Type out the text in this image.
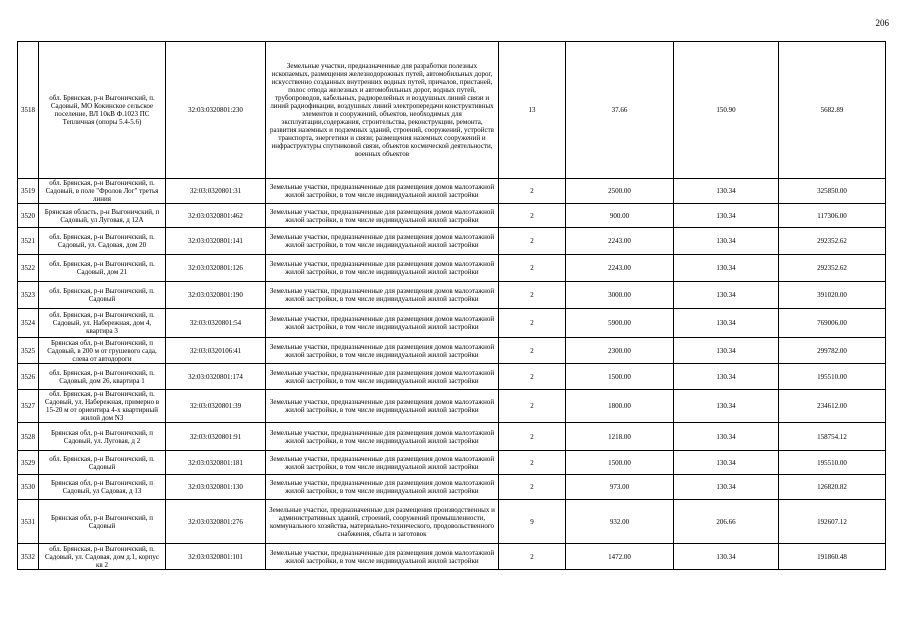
206
3518	обл. Брянская, р-н Выгоничский, п. Садовый, МО Кокинское сельское поселение, ВЛ 10кВ Ф.1023 ПС Тепличная (опоры 5.4-5.6)	32:03:0320801:230	Земельные участки, предназначенные для разработки полезных ископаемых, размещения железнодорожных путей, автомобильных дорог, искусственно созданных внутренних водных путей, причалов, пристаней, полос отвода железных и автомобильных дорог, водных путей, трубопроводов, кабельных, радиорелейных и воздушных линий связи и линий радиофикации, воздушных линий электропередачи конструктивных элементов и сооружений, объектов, необходимых для эксплуатации,содержания, строительства, реконструкции, ремонта, развития наземных и подземных зданий, строений, сооружений, устройств транспорта, энергетики и связи; размещения наземных сооружений и инфраструктуры спутниковой связи, объектов космической деятельности, военных объектов	13	37.66	150.90	5682.89
3519	обл. Брянская, р-н Выгоничский, п. Садовый, в поле "Фролов Лог" третья линия	32:03:0320801:31	Земельные участки, предназначенные для размещения домов малоэтажной жилой застройки, в том числе индивидуальной жилой застройки	2	2500.00	130.34	325850.00
3520	Брянская область, р-н Выгоничский, п Садовый, ул Луговая, д 12А	32:03:0320801:462	Земельные участки, предназначенные для размещения домов малоэтажной жилой застройки, в том числе индивидуальной жилой застройки	2	900.00	130.34	117306.00
3521	обл. Брянская, р-н Выгоничский, п. Садовый, ул. Садовая, дом 20	32:03:0320801:141	Земельные участки, предназначенные для размещения домов малоэтажной жилой застройки, в том числе индивидуальной жилой застройки	2	2243.00	130.34	292352.62
3522	обл. Брянская, р-н Выгоничский, п. Садовый, дом 21	32:03:0320801:126	Земельные участки, предназначенные для размещения домов малоэтажной жилой застройки, в том числе индивидуальной жилой застройки	2	2243.00	130.34	292352.62
3523	обл. Брянская, р-н Выгоничский, п. Садовый	32:03:0320801:190	Земельные участки, предназначенные для размещения домов малоэтажной жилой застройки, в том числе индивидуальной жилой застройки	2	3000.00	130.34	391020.00
3524	обл. Брянская, р-н Выгоничский, п. Садовый, ул. Набережная, дом 4, квартира 3	32:03:0320801:54	Земельные участки, предназначенные для размещения домов малоэтажной жилой застройки, в том числе индивидуальной жилой застройки	2	5900.00	130.34	769006.00
3525	Брянская обл, р-н Выгоничский, п Садовый, в 200 м от грушевого сада, слева от автодороги	32:03:0320106:41	Земельные участки, предназначенные для размещения домов малоэтажной жилой застройки, в том числе индивидуальной жилой застройки	2	2300.00	130.34	299782.00
3526	обл. Брянская, р-н Выгоничский, п. Садовый, дом 26, квартира 1	32:03:0320801:174	Земельные участки, предназначенные для размещения домов малоэтажной жилой застройки, в том числе индивидуальной жилой застройки	2	1500.00	130.34	195510.00
3527	обл. Брянская, р-н Выгоничский, п. Садовый, ул. Набережная, примерно в 15-20 м от ориентира 4-х квартирный жилой дом N3	32:03:0320801:39	Земельные участки, предназначенные для размещения домов малоэтажной жилой застройки, в том числе индивидуальной жилой застройки	2	1800.00	130.34	234612.00
3528	Брянская обл, р-н Выгоничский, п Садовый, ул. Луговая, д 2	32:03:0320801:91	Земельные участки, предназначенные для размещения домов малоэтажной жилой застройки, в том числе индивидуальной жилой застройки	2	1218.00	130.34	158754.12
3529	обл. Брянская, р-н Выгоничский, п. Садовый	32:03:0320801:181	Земельные участки, предназначенные для размещения домов малоэтажной жилой застройки, в том числе индивидуальной жилой застройки	2	1500.00	130.34	195510.00
3530	Брянская обл, р-н Выгоничский, п Садовый, ул Садовая, д 13	32:03:0320801:130	Земельные участки, предназначенные для размещения домов малоэтажной жилой застройки, в том числе индивидуальной жилой застройки	2	973.00	130.34	126820.82
3531	Брянская обл, р-н Выгоничский, п Садовый	32:03:0320801:276	Земельные участки, предназначенные для размещения производственных и административных зданий, строений, сооружений промышленности, коммунального хозяйства, материально-технического, продовольственного снабжения, сбыта и заготовок	9	932.00	206.66	192607.12
3532	обл. Брянская, р-н Выгоничский, п. Садовый, ул. Садовая, дом д.1, корпус кв 2	32:03:0320801:101	Земельные участки, предназначенные для размещения домов малоэтажной жилой застройки, в том числе индивидуальной жилой застройки	2	1472.00	130.34	191860.48
